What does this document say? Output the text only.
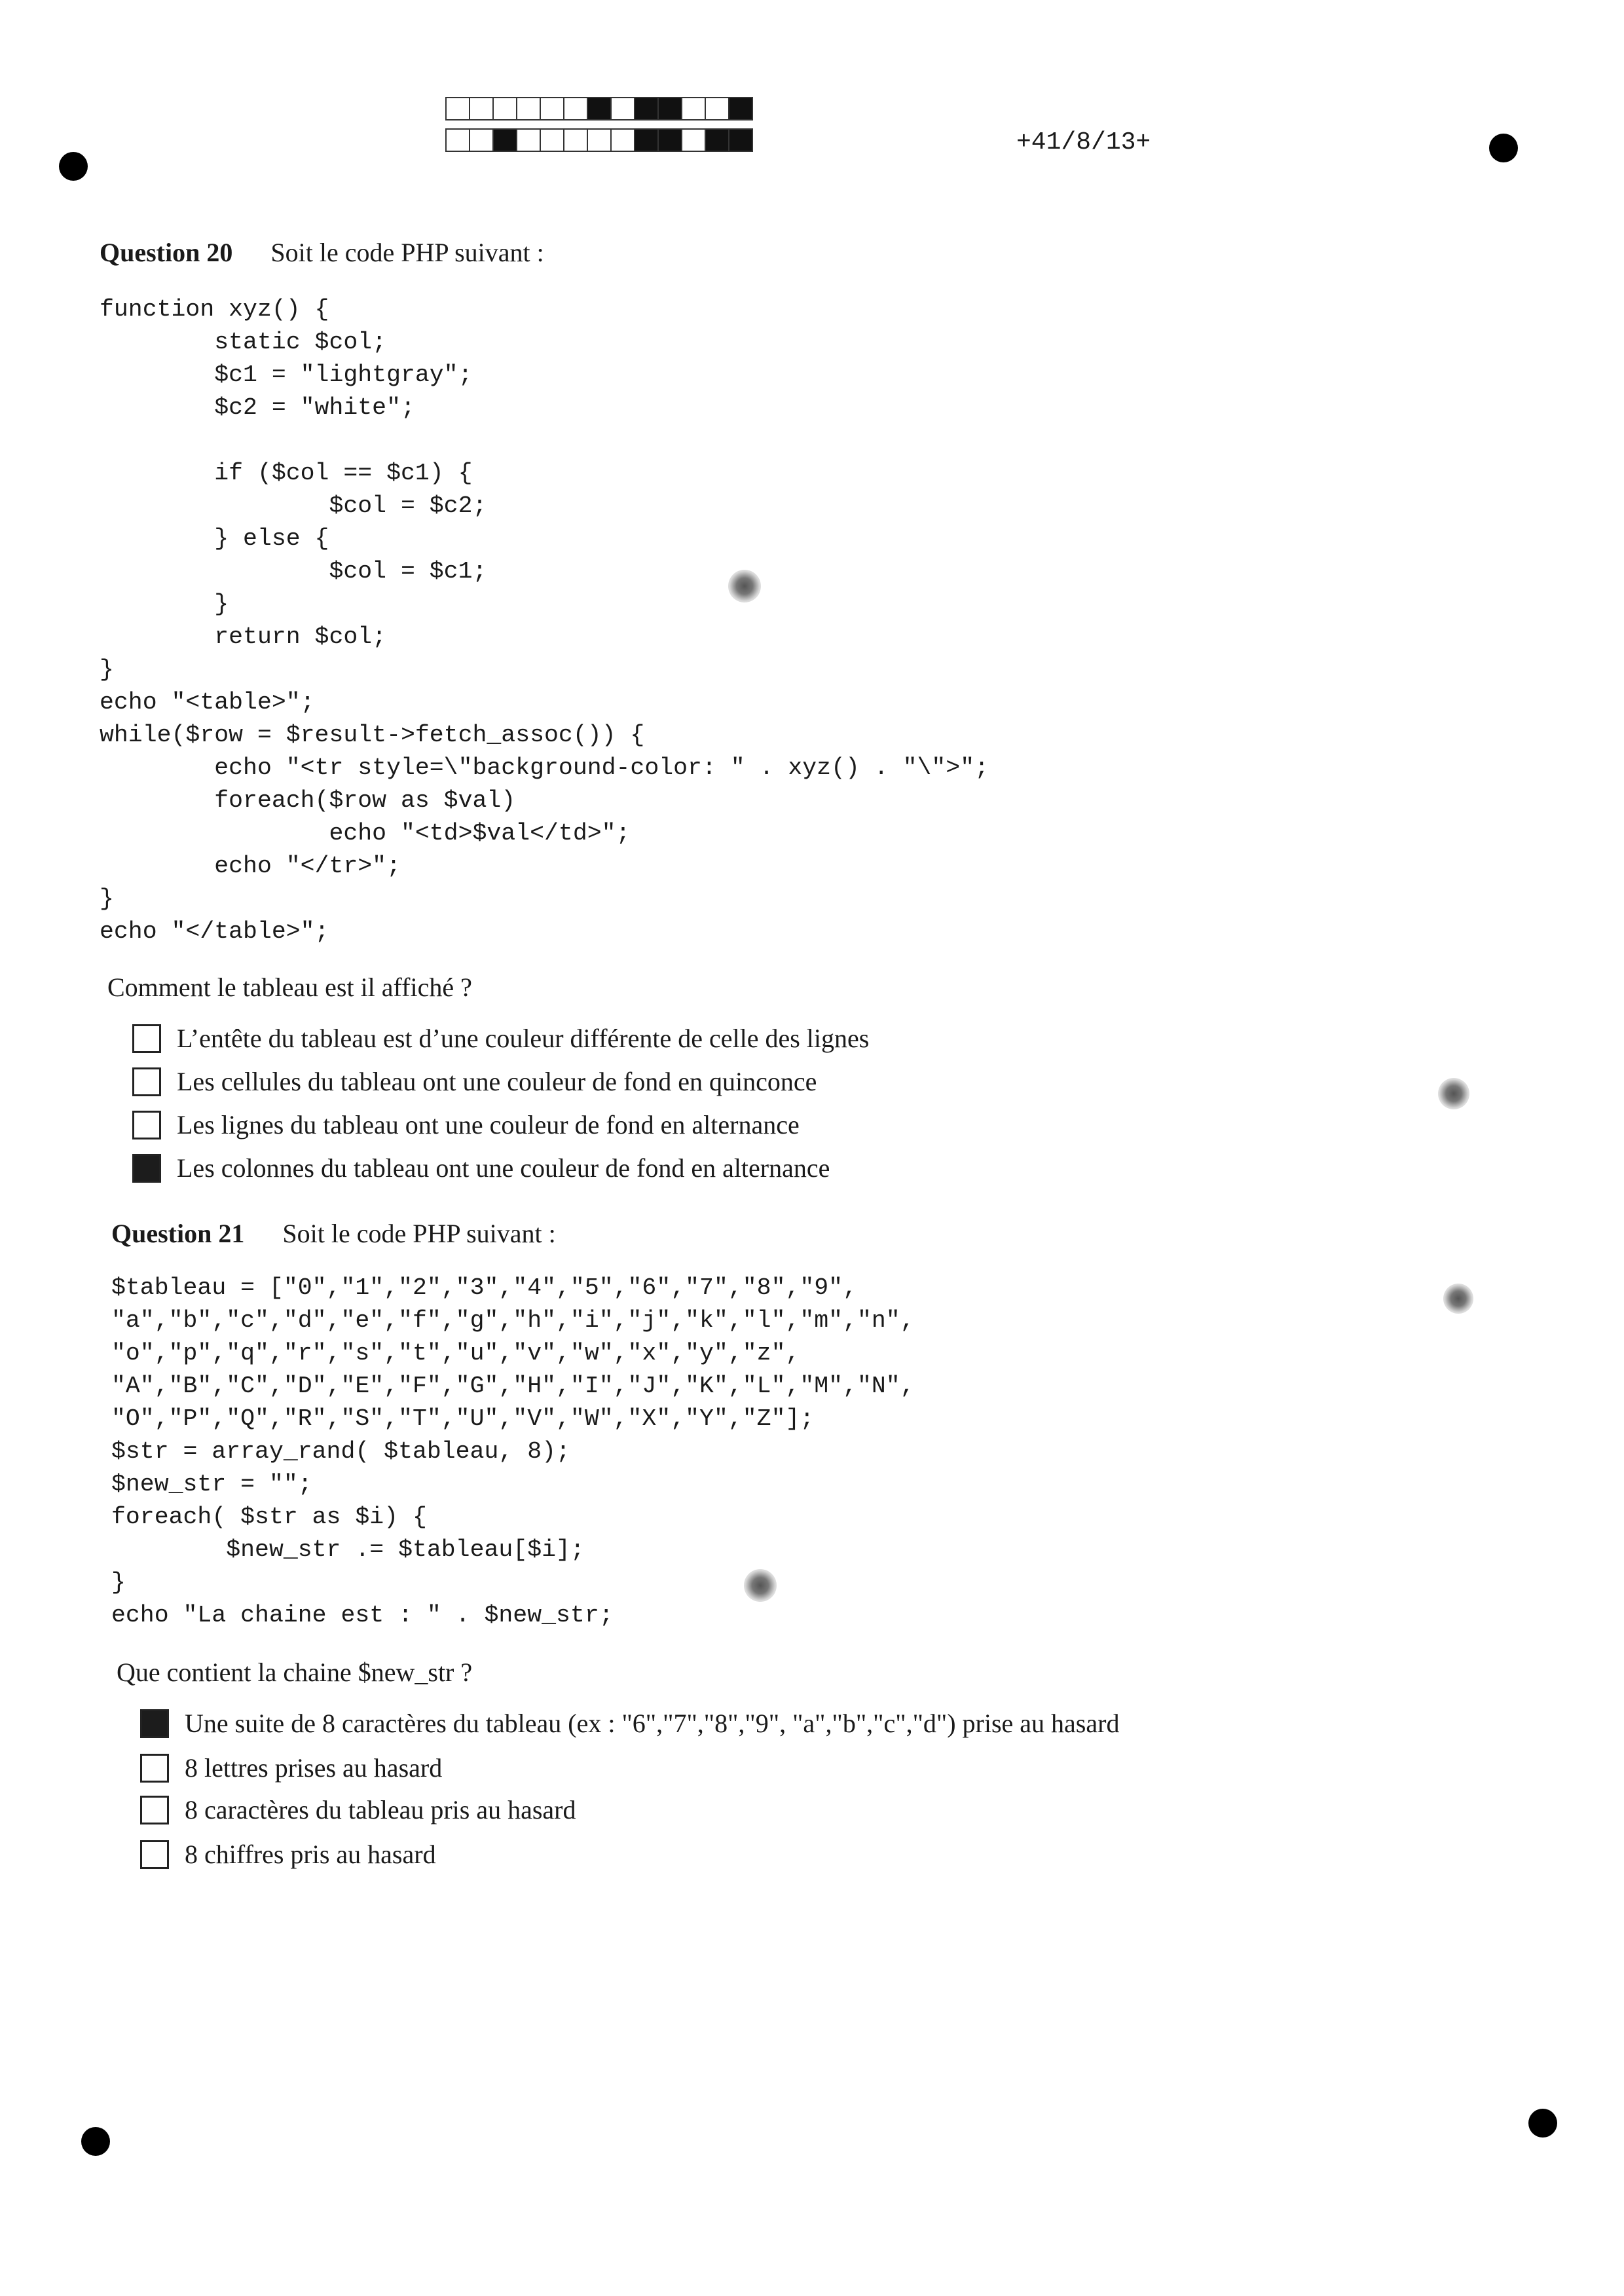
+41/8/13+
Question 20 Soit le code PHP suivant :
function xyz() {
static $col;
$c1 = "lightgray";
$c2 = "white";

if ($col == $c1) {
$col = $c2;
} else {
$col = $c1;
}
return $col;
}
echo "<table>";
while($row = $result->fetch_assoc()) {
echo "<tr style=\"background-color: " . xyz() . "\">";
foreach($row as $val)
echo "<td>$val</td>";
echo "</tr>";
}
echo "</table>";
Comment le tableau est il affiché ?
L’entête du tableau est d’une couleur différente de celle des lignes
Les cellules du tableau ont une couleur de fond en quinconce
Les lignes du tableau ont une couleur de fond en alternance
Les colonnes du tableau ont une couleur de fond en alternance
Question 21 Soit le code PHP suivant :
$tableau = ["0","1","2","3","4","5","6","7","8","9",
"a","b","c","d","e","f","g","h","i","j","k","l","m","n",
"o","p","q","r","s","t","u","v","w","x","y","z",
"A","B","C","D","E","F","G","H","I","J","K","L","M","N",
"O","P","Q","R","S","T","U","V","W","X","Y","Z"];
$str = array_rand( $tableau, 8);
$new_str = "";
foreach( $str as $i) {
$new_str .= $tableau[$i];
}
echo "La chaine est : " . $new_str;
Que contient la chaine $new_str ?
Une suite de 8 caractères du tableau (ex : "6","7","8","9", "a","b","c","d") prise au hasard
8 lettres prises au hasard
8 caractères du tableau pris au hasard
8 chiffres pris au hasard
